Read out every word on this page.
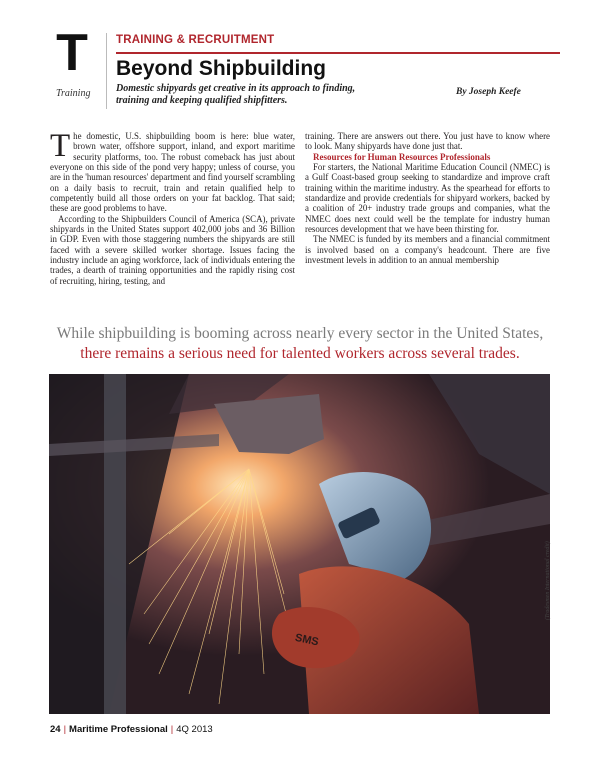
T
Training
TRAINING & RECRUITMENT
Beyond Shipbuilding
Domestic shipyards get creative in its approach to finding, training and keeping qualified shipfitters.
By Joseph Keefe

The domestic, U.S. shipbuilding boom is here: blue water, brown water, offshore support, inland, and export maritime security platforms, too. The robust comeback has just about everyone on this side of the pond very happy; unless of course, you are in the 'human resources' department and find yourself scrambling on a daily basis to recruit, train and retain qualified help to competently build all those orders on your fat backlog. That said; these are good problems to have.

According to the Shipbuilders Council of America (SCA), private shipyards in the United States support 402,000 jobs and 36 Billion in GDP. Even with those staggering numbers the shipyards are still faced with a severe skilled worker shortage. Issues facing the industry include an aging workforce, lack of individuals entering the trades, a dearth of training opportunities and the rapidly rising cost of recruiting, hiring, testing, and

training. There are answers out there. You just have to know where to look. Many shipyards have done just that.

Resources for Human Resources Professionals

For starters, the National Maritime Education Council (NMEC) is a Gulf Coast-based group seeking to standardize and improve craft training within the maritime industry. As the spearhead for efforts to standardize and provide credentials for shipyard workers, backed by a coalition of 20+ industry trade groups and companies, what the NMEC does next could well be the template for industry human resources development that we have been thirsting for.

The NMEC is funded by its members and a financial commitment is involved based on a company's headcount. There are five investment levels in addition to an annual membership

While shipbuilding is booming across nearly every sector in the United States,
there remains a serious need for talented workers across several trades.
SMS
(Tradesmen International credit)
24 | Maritime Professional | 4Q 2013
